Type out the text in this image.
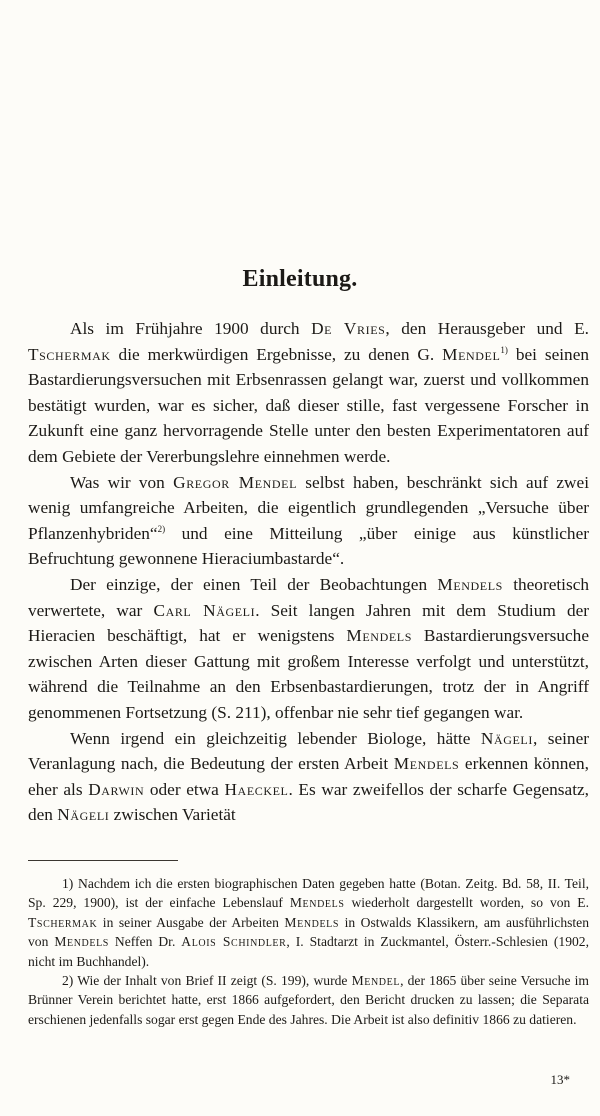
Einleitung.

Als im Frühjahre 1900 durch De Vries, den Herausgeber und E. Tschermak die merkwürdigen Ergebnisse, zu denen G. Mendel$^{1)}$ bei seinen Bastardierungsversuchen mit Erbsenrassen gelangt war, zuerst und vollkommen bestätigt wurden, war es sicher, daß dieser stille, fast vergessene Forscher in Zukunft eine ganz hervorragende Stelle unter den besten Experimentatoren auf dem Gebiete der Vererbungslehre einnehmen werde.

Was wir von Gregor Mendel selbst haben, beschränkt sich auf zwei wenig umfangreiche Arbeiten, die eigentlich grundlegenden „Versuche über Pflanzenhybriden“$^{2)}$ und eine Mitteilung „über einige aus künstlicher Befruchtung gewonnene Hieraciumbastarde“.

Der einzige, der einen Teil der Beobachtungen Mendels theoretisch verwertete, war Carl Nägeli. Seit langen Jahren mit dem Studium der Hieracien beschäftigt, hat er wenigstens Mendels Bastardierungsversuche zwischen Arten dieser Gattung mit großem Interesse verfolgt und unterstützt, während die Teilnahme an den Erbsenbastardierungen, trotz der in Angriff genommenen Fortsetzung (S. 211), offenbar nie sehr tief gegangen war.

Wenn irgend ein gleichzeitig lebender Biologe, hätte Nägeli, seiner Veranlagung nach, die Bedeutung der ersten Arbeit Mendels erkennen können, eher als Darwin oder etwa Haeckel. Es war zweifellos der scharfe Gegensatz, den Nägeli zwischen Varietät

1) Nachdem ich die ersten biographischen Daten gegeben hatte (Botan. Zeitg. Bd. 58, II. Teil, Sp. 229, 1900), ist der einfache Lebenslauf Mendels wiederholt dargestellt worden, so von E. Tschermak in seiner Ausgabe der Arbeiten Mendels in Ostwalds Klassikern, am ausführlichsten von Mendels Neffen Dr. Alois Schindler, I. Stadtarzt in Zuckmantel, Österr.-Schlesien (1902, nicht im Buchhandel).

2) Wie der Inhalt von Brief II zeigt (S. 199), wurde Mendel, der 1865 über seine Versuche im Brünner Verein berichtet hatte, erst 1866 aufgefordert, den Bericht drucken zu lassen; die Separata erschienen jedenfalls sogar erst gegen Ende des Jahres. Die Arbeit ist also definitiv 1866 zu datieren.

13*
